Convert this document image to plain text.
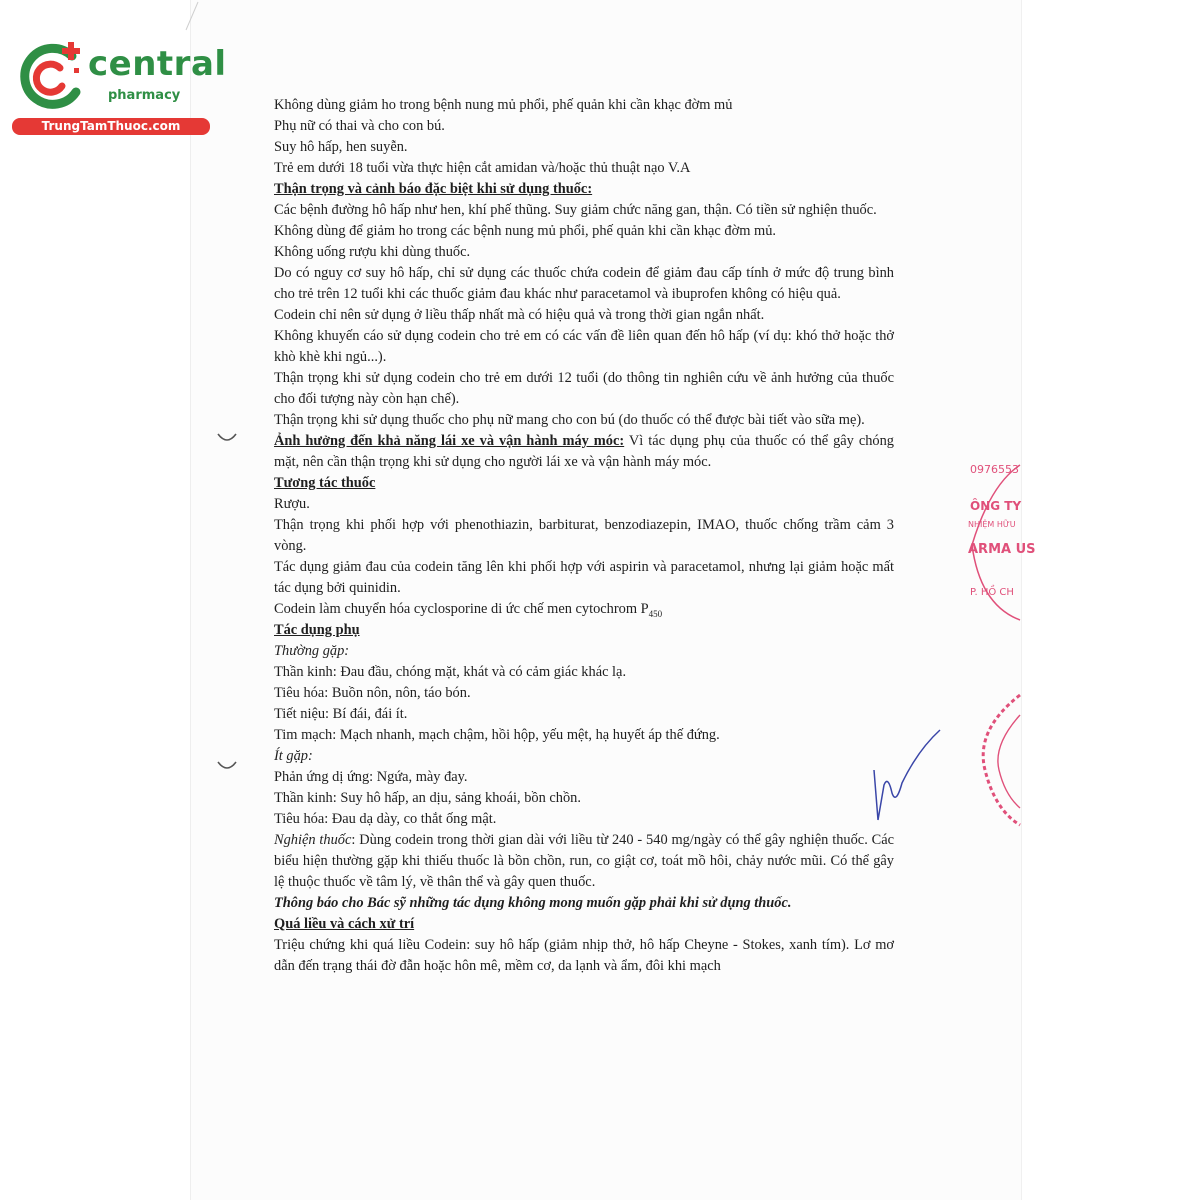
central
pharmacy
TrungTamThuoc.com
0976553
ÔNG TY
NHIỆM HỮU
ARMA US
P. HỒ CH

Không dùng giảm ho trong bệnh nung mủ phổi, phế quản khi cần khạc đờm mủ

Phụ nữ có thai và cho con bú.

Suy hô hấp, hen suyễn.

Trẻ em dưới 18 tuổi vừa thực hiện cắt amidan và/hoặc thủ thuật nạo V.A

Thận trọng và cảnh báo đặc biệt khi sử dụng thuốc:

Các bệnh đường hô hấp như hen, khí phế thũng. Suy giảm chức năng gan, thận. Có tiền sử nghiện thuốc.

Không dùng để giảm ho trong các bệnh nung mủ phổi, phế quản khi cần khạc đờm mủ.

Không uống rượu khi dùng thuốc.

Do có nguy cơ suy hô hấp, chỉ sử dụng các thuốc chứa codein để giảm đau cấp tính ở mức độ trung bình cho trẻ trên 12 tuổi khi các thuốc giảm đau khác như paracetamol và ibuprofen không có hiệu quả.

Codein chỉ nên sử dụng ở liều thấp nhất mà có hiệu quả và trong thời gian ngắn nhất.

Không khuyến cáo sử dụng codein cho trẻ em có các vấn đề liên quan đến hô hấp (ví dụ: khó thở hoặc thở khò khè khi ngủ...).

Thận trọng khi sử dụng codein cho trẻ em dưới 12 tuổi (do thông tin nghiên cứu về ảnh hưởng của thuốc cho đối tượng này còn hạn chế).

Thận trọng khi sử dụng thuốc cho phụ nữ mang cho con bú (do thuốc có thể được bài tiết vào sữa mẹ).

Ảnh hưởng đến khả năng lái xe và vận hành máy móc: Vì tác dụng phụ của thuốc có thể gây chóng mặt, nên cần thận trọng khi sử dụng cho người lái xe và vận hành máy móc.

Tương tác thuốc

Rượu.

Thận trọng khi phối hợp với phenothiazin, barbiturat, benzodiazepin, IMAO, thuốc chống trầm cảm 3 vòng.

Tác dụng giảm đau của codein tăng lên khi phối hợp với aspirin và paracetamol, nhưng lại giảm hoặc mất tác dụng bởi quinidin.

Codein làm chuyển hóa cyclosporine di ức chế men cytochrom $P_{450}$

Tác dụng phụ

Thường gặp:

Thần kinh: Đau đầu, chóng mặt, khát và có cảm giác khác lạ.

Tiêu hóa: Buồn nôn, nôn, táo bón.

Tiết niệu: Bí đái, đái ít.

Tim mạch: Mạch nhanh, mạch chậm, hồi hộp, yếu mệt, hạ huyết áp thế đứng.

Ít gặp:

Phản ứng dị ứng: Ngứa, mày đay.

Thần kinh: Suy hô hấp, an dịu, sảng khoái, bồn chồn.

Tiêu hóa: Đau dạ dày, co thắt ống mật.

Nghiện thuốc: Dùng codein trong thời gian dài với liều từ 240 - 540 mg/ngày có thể gây nghiện thuốc. Các biểu hiện thường gặp khi thiếu thuốc là bồn chồn, run, co giật cơ, toát mồ hôi, chảy nước mũi. Có thể gây lệ thuộc thuốc về tâm lý, về thân thể và gây quen thuốc.

Thông báo cho Bác sỹ những tác dụng không mong muốn gặp phải khi sử dụng thuốc.

Quá liều và cách xử trí

Triệu chứng khi quá liều Codein: suy hô hấp (giảm nhịp thở, hô hấp Cheyne - Stokes, xanh tím). Lơ mơ dẫn đến trạng thái đờ đẫn hoặc hôn mê, mềm cơ, da lạnh và ẩm, đôi khi mạch
